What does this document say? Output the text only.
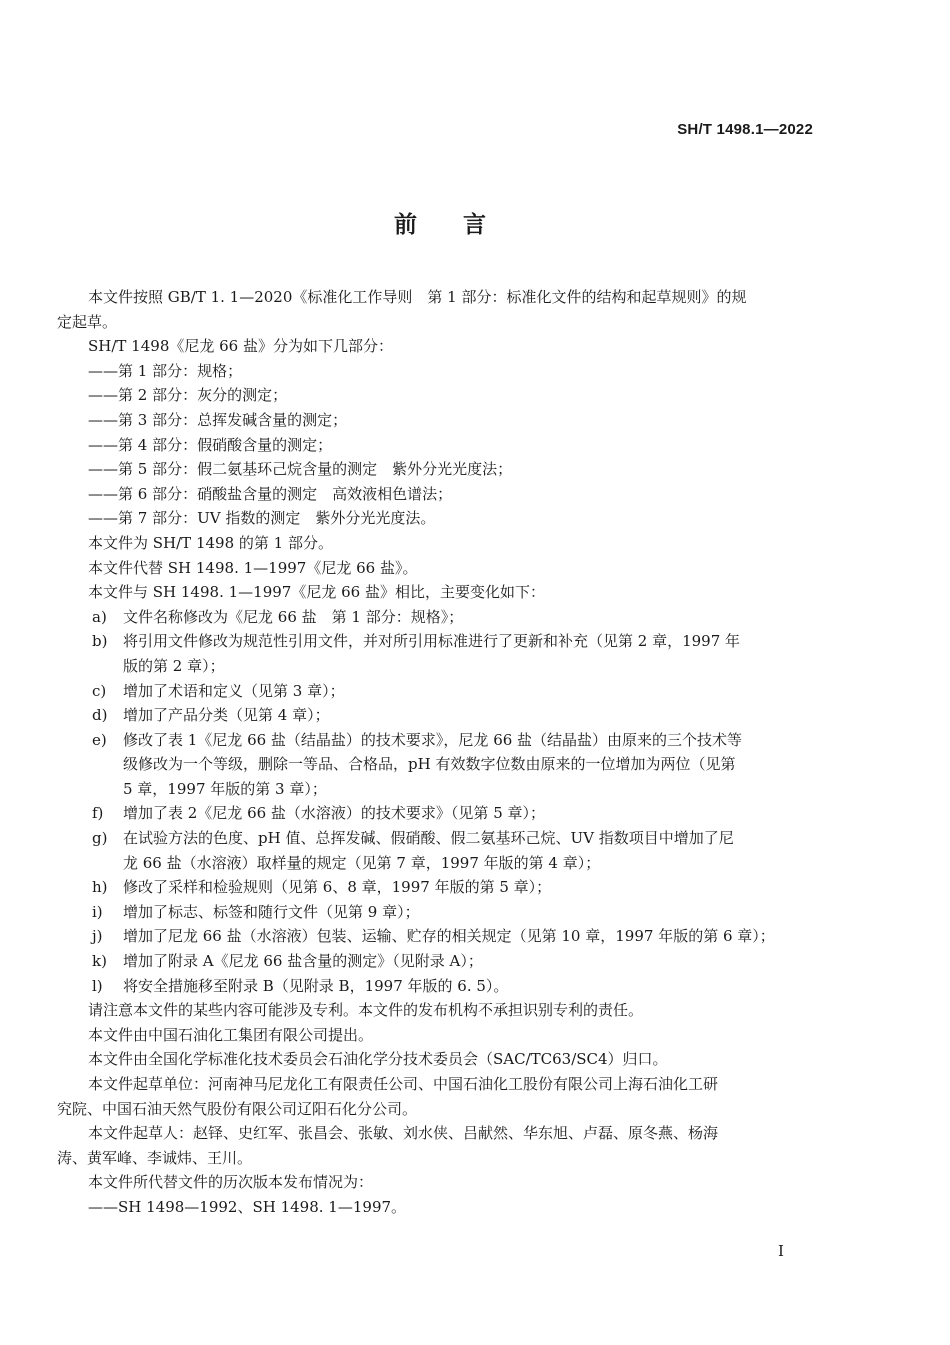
SH/T 1498.1—2022
前 言
本文件按照 GB/T 1. 1—2020《标准化工作导则　第 1 部分：标准化文件的结构和起草规则》的规
定起草。
SH/T 1498《尼龙 66 盐》分为如下几部分：
——第 1 部分：规格；
——第 2 部分：灰分的测定；
——第 3 部分：总挥发碱含量的测定；
——第 4 部分：假硝酸含量的测定；
——第 5 部分：假二氨基环己烷含量的测定　紫外分光光度法；
——第 6 部分：硝酸盐含量的测定　高效液相色谱法；
——第 7 部分：UV 指数的测定　紫外分光光度法。
本文件为 SH/T 1498 的第 1 部分。
本文件代替 SH 1498. 1—1997《尼龙 66 盐》。
本文件与 SH 1498. 1—1997《尼龙 66 盐》相比，主要变化如下：
a) 文件名称修改为《尼龙 66 盐　第 1 部分：规格》；
b) 将引用文件修改为规范性引用文件，并对所引用标准进行了更新和补充（见第 2 章，1997 年
版的第 2 章）；
c) 增加了术语和定义（见第 3 章）；
d) 增加了产品分类（见第 4 章）；
e) 修改了表 1《尼龙 66 盐（结晶盐）的技术要求》，尼龙 66 盐（结晶盐）由原来的三个技术等
级修改为一个等级，删除一等品、合格品，pH 有效数字位数由原来的一位增加为两位（见第
5 章，1997 年版的第 3 章）；
f) 增加了表 2《尼龙 66 盐（水溶液）的技术要求》（见第 5 章）；
g) 在试验方法的色度、pH 值、总挥发碱、假硝酸、假二氨基环己烷、UV 指数项目中增加了尼
龙 66 盐（水溶液）取样量的规定（见第 7 章，1997 年版的第 4 章）；
h) 修改了采样和检验规则（见第 6、8 章，1997 年版的第 5 章）；
i) 增加了标志、标签和随行文件（见第 9 章）；
j) 增加了尼龙 66 盐（水溶液）包装、运输、贮存的相关规定（见第 10 章，1997 年版的第 6 章）；
k) 增加了附录 A《尼龙 66 盐含量的测定》（见附录 A）；
l) 将安全措施移至附录 B（见附录 B，1997 年版的 6. 5）。
请注意本文件的某些内容可能涉及专利。本文件的发布机构不承担识别专利的责任。
本文件由中国石油化工集团有限公司提出。
本文件由全国化学标准化技术委员会石油化学分技术委员会（SAC/TC63/SC4）归口。
本文件起草单位：河南神马尼龙化工有限责任公司、中国石油化工股份有限公司上海石油化工研
究院、中国石油天然气股份有限公司辽阳石化分公司。
本文件起草人：赵铎、史红军、张昌会、张敏、刘水侠、吕献然、华东旭、卢磊、原冬燕、杨海
涛、黄军峰、李诚炜、王川。
本文件所代替文件的历次版本发布情况为：
——SH 1498—1992、SH 1498. 1—1997。
I
